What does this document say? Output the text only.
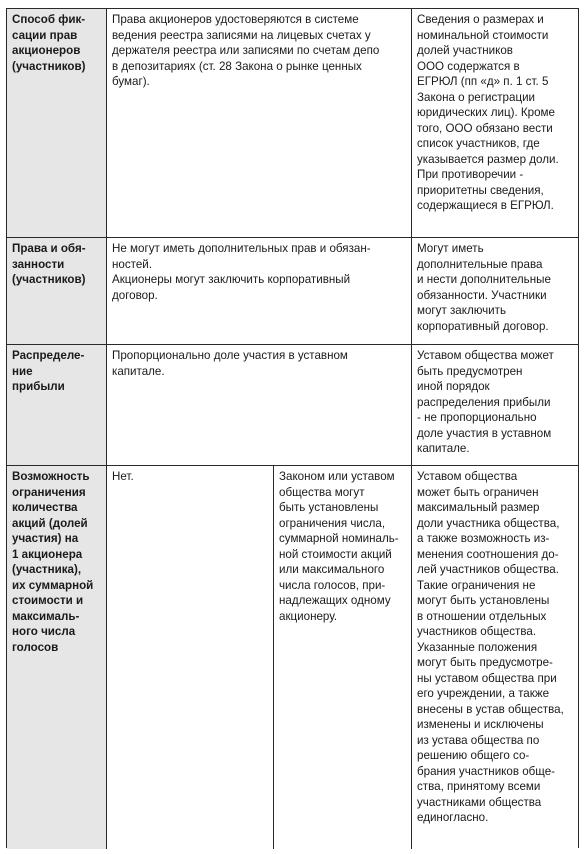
Способ фик-
сации прав
акционеров
(участников)
Права акционеров удостоверяются в системе
ведения реестра записями на лицевых счетах у
держателя реестра или записями по счетам депо
в депозитариях (ст. 28 Закона о рынке ценных
бумаг).
Сведения о размерах и
номинальной стоимости
долей участников
ООО содержатся в
ЕГРЮЛ (пп «д» п. 1 ст. 5
Закона о регистрации
юридических лиц). Кроме
того, ООО обязано вести
список участников, где
указывается размер доли.
При противоречии -
приоритетны сведения,
содержащиеся в ЕГРЮЛ.
Права и обя-
занности
(участников)
Не могут иметь дополнительных прав и обязан-
ностей.
Акционеры могут заключить корпоративный
договор.
Могут иметь
дополнительные права
и нести дополнительные
обязанности. Участники
могут заключить
корпоративный договор.
Распределе-
ние
прибыли
Пропорционально доле участия в уставном
капитале.
Уставом общества может
быть предусмотрен
иной порядок
распределения прибыли
- не пропорционально
доле участия в уставном
капитале.
Возможность
ограничения
количества
акций (долей
участия) на
1 акционера
(участника),
их суммарной
стоимости и
максималь-
ного числа
голосов
Нет.	Законом или уставом
общества могут
быть установлены
ограничения числа,
суммарной номиналь-
ной стоимости акций
или максимального
числа голосов, при-
надлежащих одному
акционеру.
Уставом общества
может быть ограничен
максимальный размер
доли участника общества,
а также возможность из-
менения соотношения до-
лей участников общества.
Такие ограничения не
могут быть установлены
в отношении отдельных
участников общества.
Указанные положения
могут быть предусмотре-
ны уставом общества при
его учреждении, а также
внесены в устав общества,
изменены и исключены
из устава общества по
решению общего со-
брания участников обще-
ства, принятому всеми
участниками общества
единогласно.
